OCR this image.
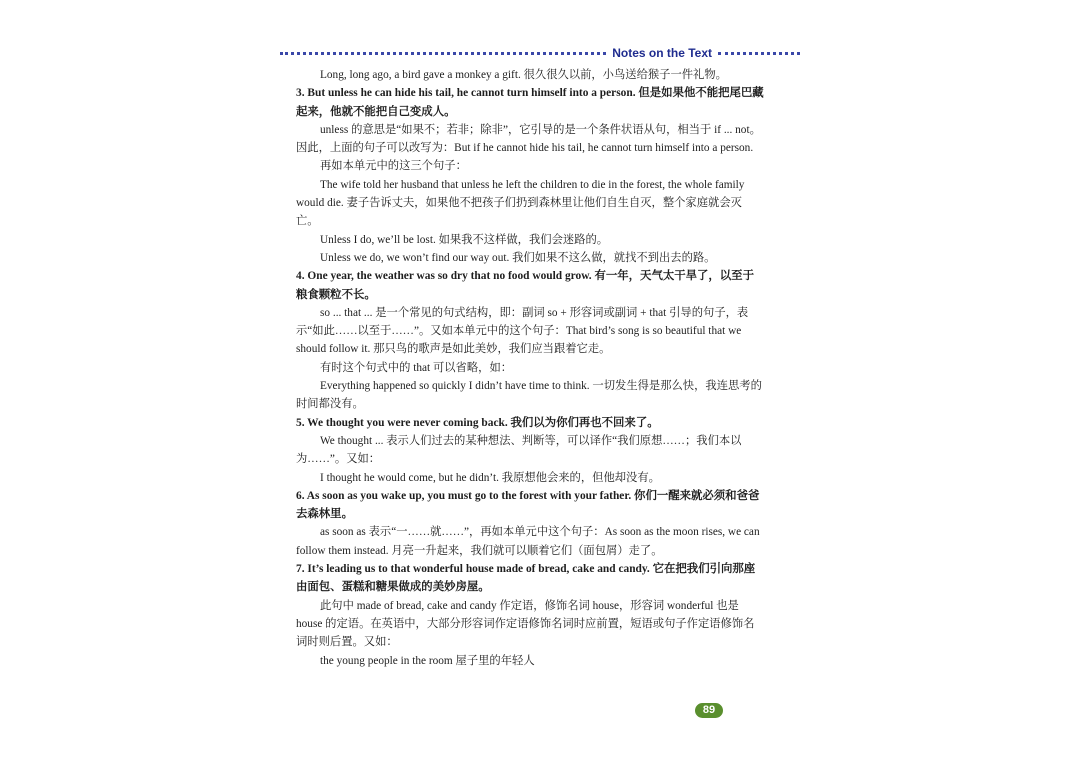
Notes on the Text

Long, long ago, a bird gave a monkey a gift. 很久很久以前，小鸟送给猴子一件礼物。

3. But unless he can hide his tail, he cannot turn himself into a person. 但是如果他不能把尾巴藏起来，他就不能把自己变成人。

unless 的意思是“如果不；若非；除非”，它引导的是一个条件状语从句，相当于 if ... not。因此，上面的句子可以改写为：But if he cannot hide his tail, he cannot turn himself into a person.

再如本单元中的这三个句子：

The wife told her husband that unless he left the children to die in the forest, the whole family would die. 妻子告诉丈夫，如果他不把孩子们扔到森林里让他们自生自灭，整个家庭就会灭亡。

Unless I do, we’ll be lost. 如果我不这样做，我们会迷路的。

Unless we do, we won’t find our way out. 我们如果不这么做，就找不到出去的路。

4. One year, the weather was so dry that no food would grow. 有一年，天气太干旱了，以至于粮食颗粒不长。

so ... that ... 是一个常见的句式结构，即：副词 so + 形容词或副词 + that 引导的句子，表示“如此……以至于……”。又如本单元中的这个句子：That bird’s song is so beautiful that we should follow it. 那只鸟的歌声是如此美妙，我们应当跟着它走。

有时这个句式中的 that 可以省略，如：

Everything happened so quickly I didn’t have time to think. 一切发生得是那么快，我连思考的时间都没有。

5. We thought you were never coming back. 我们以为你们再也不回来了。

We thought ... 表示人们过去的某种想法、判断等，可以译作“我们原想……；我们本以为……”。又如：

I thought he would come, but he didn’t. 我原想他会来的，但他却没有。

6. As soon as you wake up, you must go to the forest with your father. 你们一醒来就必须和爸爸去森林里。

as soon as 表示“一……就……”，再如本单元中这个句子：As soon as the moon rises, we can follow them instead. 月亮一升起来，我们就可以顺着它们（面包屑）走了。

7. It’s leading us to that wonderful house made of bread, cake and candy. 它在把我们引向那座由面包、蛋糕和糖果做成的美妙房屋。

此句中 made of bread, cake and candy 作定语，修饰名词 house，形容词 wonderful 也是 house 的定语。在英语中，大部分形容词作定语修饰名词时应前置，短语或句子作定语修饰名词时则后置。又如：

the young people in the room 屋子里的年轻人

89
